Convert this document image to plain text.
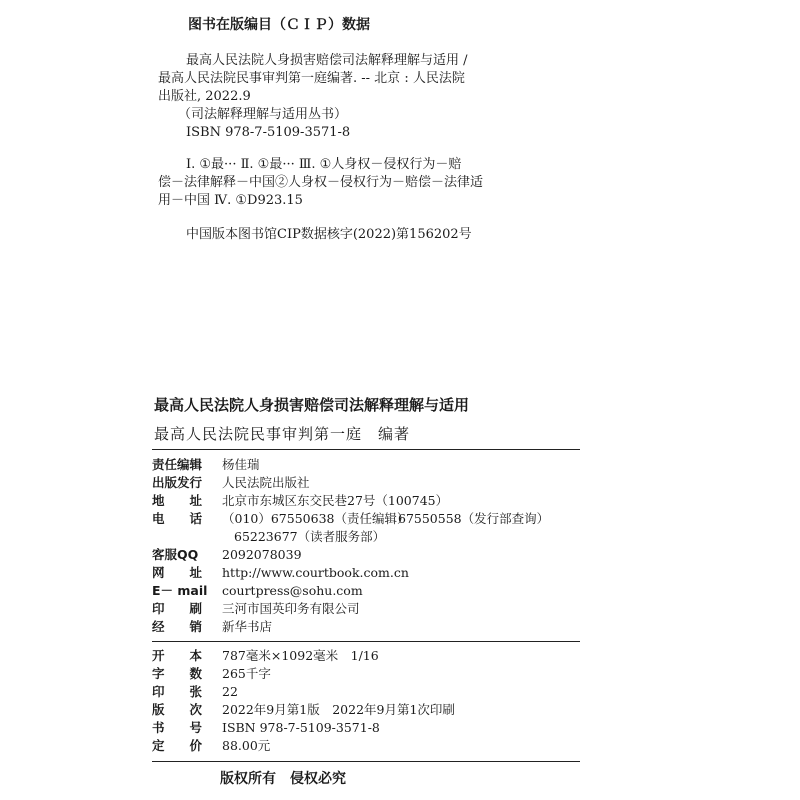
图书在版编目（ＣＩＰ）数据
最高人民法院人身损害赔偿司法解释理解与适用 /
最高人民法院民事审判第一庭编著. -- 北京 : 人民法院
出版社, 2022.9
（司法解释理解与适用丛书）
ISBN 978-7-5109-3571-8
Ⅰ. ①最··· Ⅱ. ①最··· Ⅲ. ①人身权－侵权行为－赔
偿－法律解释－中国②人身权－侵权行为－赔偿－法律适
用－中国 Ⅳ. ①D923.15
中国版本图书馆CIP数据核字(2022)第156202号
最高人民法院人身损害赔偿司法解释理解与适用
最高人民法院民事审判第一庭　编著
责任编辑	杨佳瑞
出版发行	人民法院出版社
地　　址	北京市东城区东交民巷27号（100745）
电　　话	（010）67550638（责任编辑）
67550558（发行部查询）
65223677（读者服务部）
客服QQ	2092078039
网　　址	http://www.courtbook.com.cn
E－ mail	courtpress@sohu.com
印　　刷	三河市国英印务有限公司
经　　销	新华书店
开　　本	787毫米×1092毫米　1/16
字　　数	265千字
印　　张	22
版　　次	2022年9月第1版　2022年9月第1次印刷
书　　号	ISBN 978-7-5109-3571-8
定　　价	88.00元
版权所有　侵权必究
